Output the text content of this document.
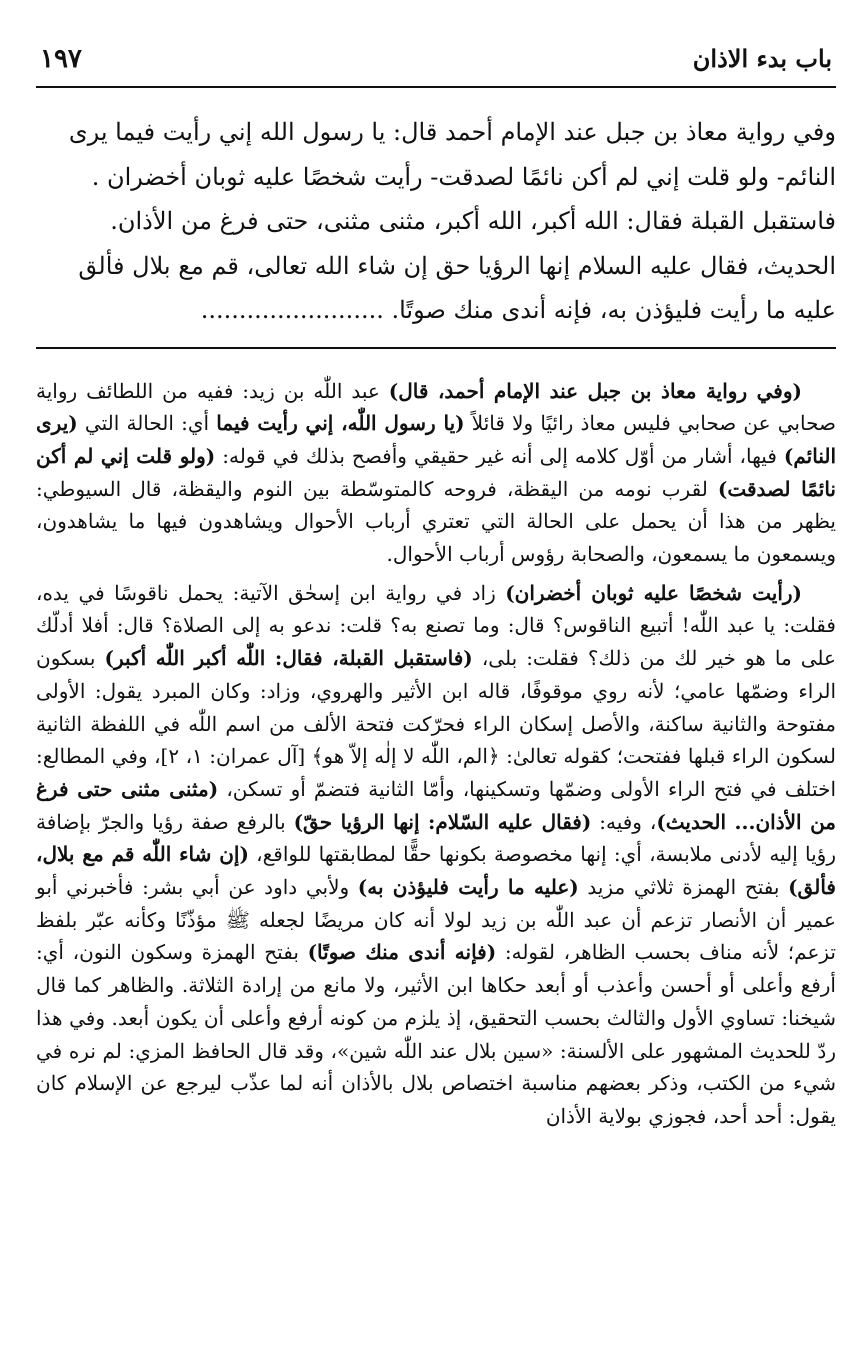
باب بدء الاذان
١٩٧
وفي رواية معاذ بن جبل عند الإمام أحمد قال: يا رسول الله إني رأيت فيما يرى
النائم- ولو قلت إني لم أكن نائمًا لصدقت- رأيت شخصًا عليه ثوبان أخضران .
فاستقبل القبلة فقال: الله أكبر، الله أكبر، مثنى مثنى، حتى فرغ من الأذان.
الحديث، فقال عليه السلام إنها الرؤيا حق إن شاء الله تعالى، قم مع بلال فألق
عليه ما رأيت فليؤذن به، فإنه أندى منك صوتًا. ........................

(وفي رواية معاذ بن جبل عند الإمام أحمد، قال) عبد اللّٰه بن زيد: ففيه من اللطائف رواية صحابي عن صحابي فليس معاذ رائيًا ولا قائلاً (يا رسول اللّٰه، إني رأيت فيما أي: الحالة التي (يرى النائم) فيها، أشار من أوّل كلامه إلى أنه غير حقيقي وأفصح بذلك في قوله: (ولو قلت إني لم أكن نائمًا لصدقت) لقرب نومه من اليقظة، فروحه كالمتوسّطة بين النوم واليقظة، قال السيوطي: يظهر من هذا أن يحمل على الحالة التي تعتري أرباب الأحوال ويشاهدون فيها ما يشاهدون، ويسمعون ما يسمعون، والصحابة رؤوس أرباب الأحوال.

(رأيت شخصًا عليه ثوبان أخضران) زاد في رواية ابن إسحٰق الآتية: يحمل ناقوسًا في يده، فقلت: يا عبد اللّٰه! أتبيع الناقوس؟ قال: وما تصنع به؟ قلت: ندعو به إلى الصلاة؟ قال: أفلا أدلّك على ما هو خير لك من ذلك؟ فقلت: بلى، (فاستقبل القبلة، فقال: اللّٰه أكبر اللّٰه أكبر) بسكون الراء وضمّها عامي؛ لأنه روي موقوفًا، قاله ابن الأثير والهروي، وزاد: وكان المبرد يقول: الأولى مفتوحة والثانية ساكنة، والأصل إسكان الراء فحرّكت فتحة الألف من اسم اللّٰه في اللفظة الثانية لسكون الراء قبلها ففتحت؛ كقوله تعالىٰ: ﴿الم، اللّٰه لا إلٰه إلاّ هو﴾ [آل عمران: ١، ٢]، وفي المطالع: اختلف في فتح الراء الأولى وضمّها وتسكينها، وأمّا الثانية فتضمّ أو تسكن، (مثنى مثنى حتى فرغ من الأذان... الحديث)، وفيه: (فقال عليه السّلام: إنها الرؤيا حقّ) بالرفع صفة رؤيا والجرّ بإضافة رؤيا إليه لأدنى ملابسة، أي: إنها مخصوصة بكونها حقًّا لمطابقتها للواقع، (إن شاء اللّٰه قم مع بلال، فألق) بفتح الهمزة ثلاثي مزيد (عليه ما رأيت فليؤذن به) ولأبي داود عن أبي بشر: فأخبرني أبو عمير أن الأنصار تزعم أن عبد اللّٰه بن زيد لولا أنه كان مريضًا لجعله ﷺ مؤذّنًا وكأنه عبّر بلفظ تزعم؛ لأنه مناف بحسب الظاهر، لقوله: (فإنه أندى منك صوتًا) بفتح الهمزة وسكون النون، أي: أرفع وأعلى أو أحسن وأعذب أو أبعد حكاها ابن الأثير، ولا مانع من إرادة الثلاثة. والظاهر كما قال شيخنا: تساوي الأول والثالث بحسب التحقيق، إذ يلزم من كونه أرفع وأعلى أن يكون أبعد. وفي هذا ردّ للحديث المشهور على الألسنة: «سين بلال عند اللّٰه شين»، وقد قال الحافظ المزي: لم نره في شيء من الكتب، وذكر بعضهم مناسبة اختصاص بلال بالأذان أنه لما عذّب ليرجع عن الإسلام كان يقول: أحد أحد، فجوزي بولاية الأذان
